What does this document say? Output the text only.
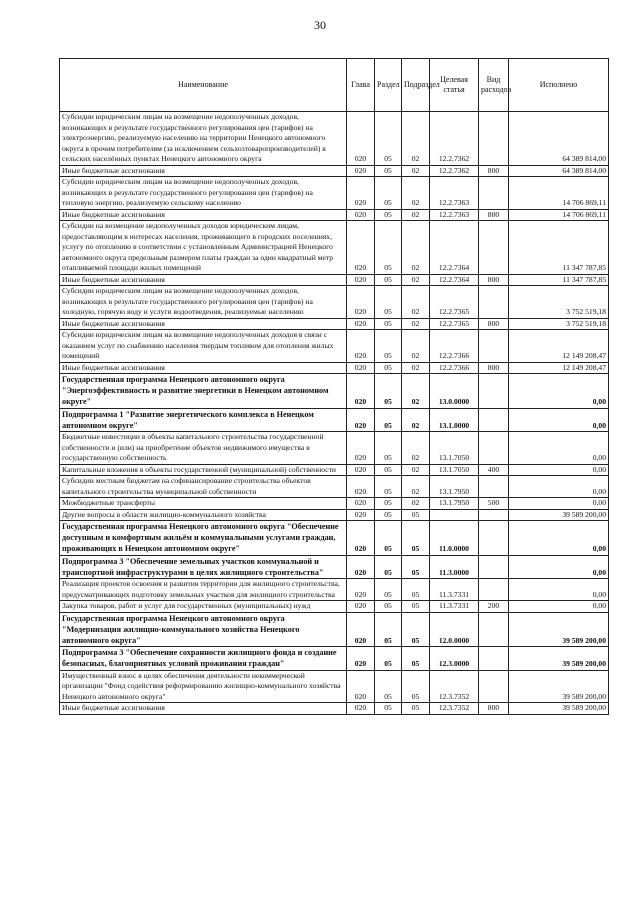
30
Наименование	Глава	Раздел	Подраздел	Целевая статья	Вид расходов	Исполнено
Субсидии юридическим лицам на возмещение недополученных доходов, возникающих в результате государственного регулирования цен (тарифов) на электроэнергию, реализуемую населению на территории Ненецкого автономного округа в прочим потребителям (за исключением сельхозтоваропроизводителей) в сельских населённых пунктах Ненецкого автономного округа	020	05	02	12.2.7362		64 389 814,00
Иные бюджетные ассигнования	020	05	02	12.2.7362	800	64 389 814,00
Субсидии юридическим лицам на возмещение недополученных доходов, возникающих в результате государственного регулирования цен (тарифов) на тепловую энергию, реализуемую сельскому населению	020	05	02	12.2.7363		14 706 869,11
Иные бюджетные ассигнования	020	05	02	12.2.7363	800	14 706 869,11
Субсидии на возмещение недополученных доходов юридическим лицам, предоставляющим в интересах населения, проживающего в городских поселениях, услугу по отоплению в соответствии с установленным Администрацией Ненецкого автономного округа предельным размером платы граждан за один квадратный метр отапливаемой площади жилых помещений	020	05	02	12.2.7364		11 347 787,85
Иные бюджетные ассигнования	020	05	02	12.2.7364	800	11 347 787,85
Субсидии юридическим лицам на возмещение недополученных доходов, возникающих в результате государственного регулирования цен (тарифов) на холодную, горячую воду и услуги водоотведения, реализуемые населению	020	05	02	12.2.7365		3 752 519,18
Иные бюджетные ассигнования	020	05	02	12.2.7365	800	3 752 519,18
Субсидии юридическим лицам на возмещение недополученных доходов в связи с оказанием услуг по снабжению населения твердым топливом для отопления жилых помещений	020	05	02	12.2.7366		12 149 208,47
Иные бюджетные ассигнования	020	05	02	12.2.7366	800	12 149 208,47
Государственная программа Ненецкого автономного округа "Энергоэффективность и развитие энергетики в Ненецком автономном округе"	020	05	02	13.0.0000		0,00
Подпрограмма 1 "Развитие энергетического комплекса в Ненецком автономном округе"	020	05	02	13.1.0000		0,00
Бюджетные инвестиции в объекты капитального строительства государственной собственности и (или) на приобретение объектов недвижимого имущества в государственную собственность	020	05	02	13.1.7050		0,00
Капитальные вложения в объекты государственной (муниципальной) собственности	020	05	02	13.1.7050	400	0,00
Субсидии местным бюджетам на софинансирование строительства объектов капитального строительства муниципальной собственности	020	05	02	13.1.7950		0,00
Межбюджетные трансферты	020	05	02	13.1.7950	500	0,00
Другие вопросы в области жилищно-коммунального хозяйства	020	05	05			39 589 200,00
Государственная программа Ненецкого автономного округа "Обеспечение доступным и комфортным жильём и коммунальными услугами граждан, проживающих в Ненецком автономном округе"	020	05	05	11.0.0000		0,00
Подпрограмма 3 "Обеспечение земельных участков коммунальной и транспортной инфраструктурами в целях жилищного строительства"	020	05	05	11.3.0000		0,00
Реализация проектов освоения и развития территории для жилищного строительства, предусматривающих подготовку земельных участков для жилищного строительства	020	05	05	11.3.7331		0,00
Закупка товаров, работ и услуг для государственных (муниципальных) нужд	020	05	05	11.3.7331	200	0,00
Государственная программа Ненецкого автономного округа "Модернизация жилищно-коммунального хозяйства Ненецкого автономного округа"	020	05	05	12.0.0000		39 589 200,00
Подпрограмма 3 "Обеспечение сохранности жилищного фонда и создание безопасных, благоприятных условий проживания граждан"	020	05	05	12.3.0000		39 589 200,00
Имущественный взнос в целях обеспечения деятельности некоммерческой организации "Фонд содействия реформированию жилищно-коммунального хозяйства Ненецкого автономного округа"	020	05	05	12.3.7352		39 589 200,00
Иные бюджетные ассигнования	020	05	05	12.3.7352	800	39 589 200,00
